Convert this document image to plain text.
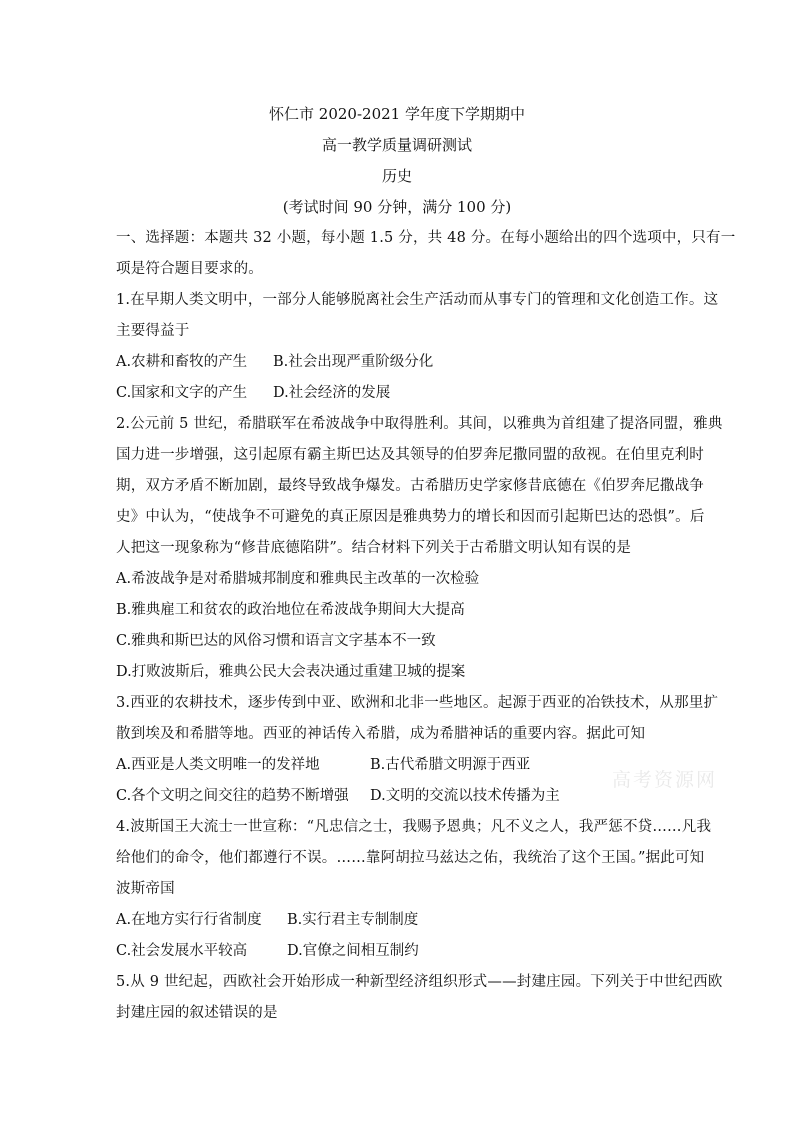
怀仁市 2020-2021 学年度下学期期中
高一教学质量调研测试
历史
(考试时间 90 分钟，满分 100 分)
一、选择题：本题共 32 小题，每小题 1.5 分，共 48 分。在每小题给出的四个选项中，只有一
项是符合题目要求的。
1.在早期人类文明中，一部分人能够脱离社会生产活动而从事专门的管理和文化创造工作。这
主要得益于
A.农耕和畜牧的产生 B.社会出现严重阶级分化
C.国家和文字的产生 D.社会经济的发展
2.公元前 5 世纪，希腊联军在希波战争中取得胜利。其间，以雅典为首组建了提洛同盟，雅典
国力进一步增强，这引起原有霸主斯巴达及其领导的伯罗奔尼撒同盟的敌视。在伯里克利时
期，双方矛盾不断加剧，最终导致战争爆发。古希腊历史学家修昔底德在《伯罗奔尼撒战争
史》中认为，“使战争不可避免的真正原因是雅典势力的增长和因而引起斯巴达的恐惧”。后
人把这一现象称为“修昔底德陷阱”。结合材料下列关于古希腊文明认知有误的是
A.希波战争是对希腊城邦制度和雅典民主改革的一次检验
B.雅典雇工和贫农的政治地位在希波战争期间大大提高
C.雅典和斯巴达的风俗习惯和语言文字基本不一致
D.打败波斯后，雅典公民大会表决通过重建卫城的提案
3.西亚的农耕技术，逐步传到中亚、欧洲和北非一些地区。起源于西亚的冶铁技术，从那里扩
散到埃及和希腊等地。西亚的神话传入希腊，成为希腊神话的重要内容。据此可知
A.西亚是人类文明唯一的发祥地	B.古代希腊文明源于西亚
C.各个文明之间交往的趋势不断增强 D.文明的交流以技术传播为主
高考资源网
4.波斯国王大流士一世宣称：“凡忠信之士，我赐予恩典；凡不义之人，我严惩不贷……凡我
给他们的命令，他们都遵行不误。……靠阿胡拉马兹达之佑，我统治了这个王国。”据此可知
波斯帝国
A.在地方实行行省制度 B.实行君主专制制度
C.社会发展水平较高	D.官僚之间相互制约
5.从 9 世纪起，西欧社会开始形成一种新型经济组织形式——封建庄园。下列关于中世纪西欧
封建庄园的叙述错误的是
